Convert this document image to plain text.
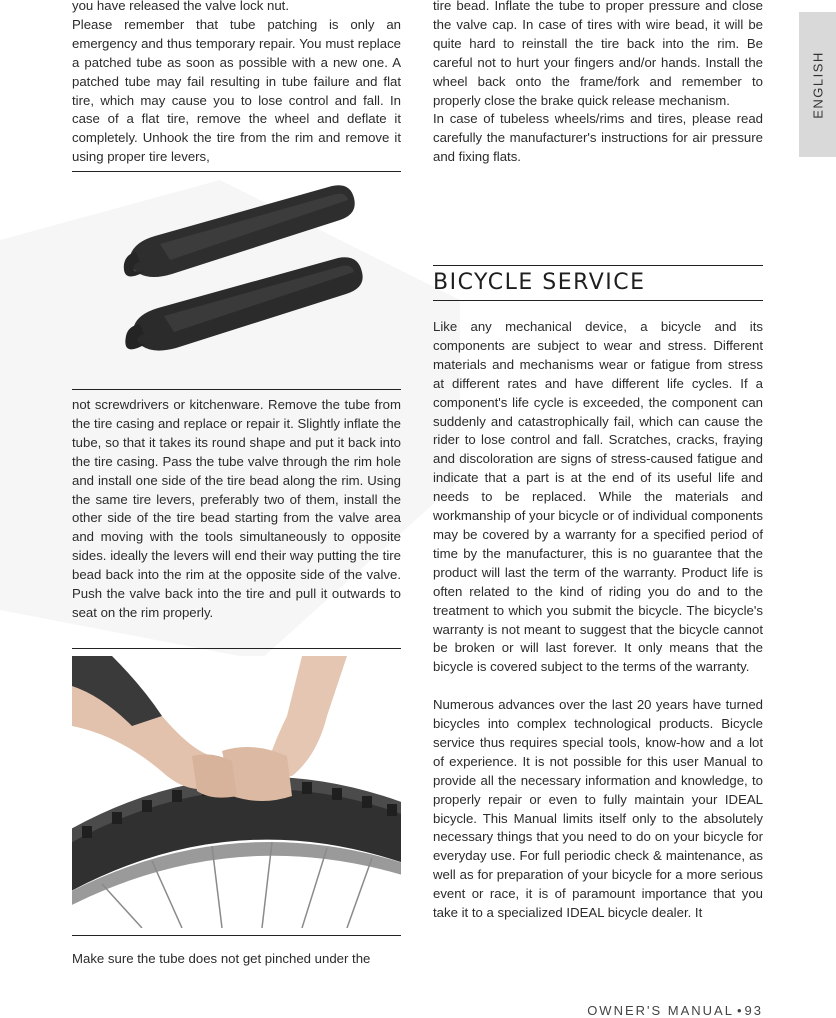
ENGLISH

you have released the valve lock nut.

Please remember that tube patching is only an emergency and thus temporary repair. You must replace a patched tube as soon as possible with a new one. A patched tube may fail resulting in tube failure and flat tire, which may cause you to lose control and fall. In case of a flat tire, remove the wheel and deflate it completely. Unhook the tire from the rim and remove it using proper tire levers,

not screwdrivers or kitchenware. Remove the tube from the tire casing and replace or repair it. Slightly inflate the tube, so that it takes its round shape and put it back into the tire casing. Pass the tube valve through the rim hole and install one side of the tire bead along the rim. Using the same tire levers, preferably two of them, install the other side of the tire bead starting from the valve area and moving with the tools simultaneously to opposite sides. ideally the levers will end their way putting the tire bead back into the rim at the opposite side of the valve. Push the valve back into the tire and pull it outwards to seat on the rim properly.

Make sure the tube does not get pinched under the

tire bead. Inflate the tube to proper pressure and close the valve cap. In case of tires with wire bead, it will be quite hard to reinstall the tire back into the rim. Be careful not to hurt your fingers and/or hands. Install the wheel back onto the frame/fork and remember to properly close the brake quick release mechanism.

In case of tubeless wheels/rims and tires, please read carefully the manufacturer's instructions for air pressure and fixing flats.

BICYCLE SERVICE

Like any mechanical device, a bicycle and its components are subject to wear and stress. Different materials and mechanisms wear or fatigue from stress at different rates and have different life cycles. If a component's life cycle is exceeded, the component can suddenly and catastrophically fail, which can cause the rider to lose control and fall. Scratches, cracks, fraying and discoloration are signs of stress-caused fatigue and indicate that a part is at the end of its useful life and needs to be replaced. While the materials and workmanship of your bicycle or of individual components may be covered by a warranty for a specified period of time by the manufacturer, this is no guarantee that the product will last the term of the warranty. Product life is often related to the kind of riding you do and to the treatment to which you submit the bicycle. The bicycle's warranty is not meant to suggest that the bicycle cannot be broken or will last forever. It only means that the bicycle is covered subject to the terms of the warranty.

Numerous advances over the last 20 years have turned bicycles into complex technological products. Bicycle service thus requires special tools, know-how and a lot of experience. It is not possible for this user Manual to provide all the necessary information and knowledge, to properly repair or even to fully maintain your IDEAL bicycle. This Manual limits itself only to the absolutely necessary things that you need to do on your bicycle for everyday use. For full periodic check & maintenance, as well as for preparation of your bicycle for a more serious event or race, it is of paramount importance that you take it to a specialized IDEAL bicycle dealer. It

OWNER'S MANUAL • 93
